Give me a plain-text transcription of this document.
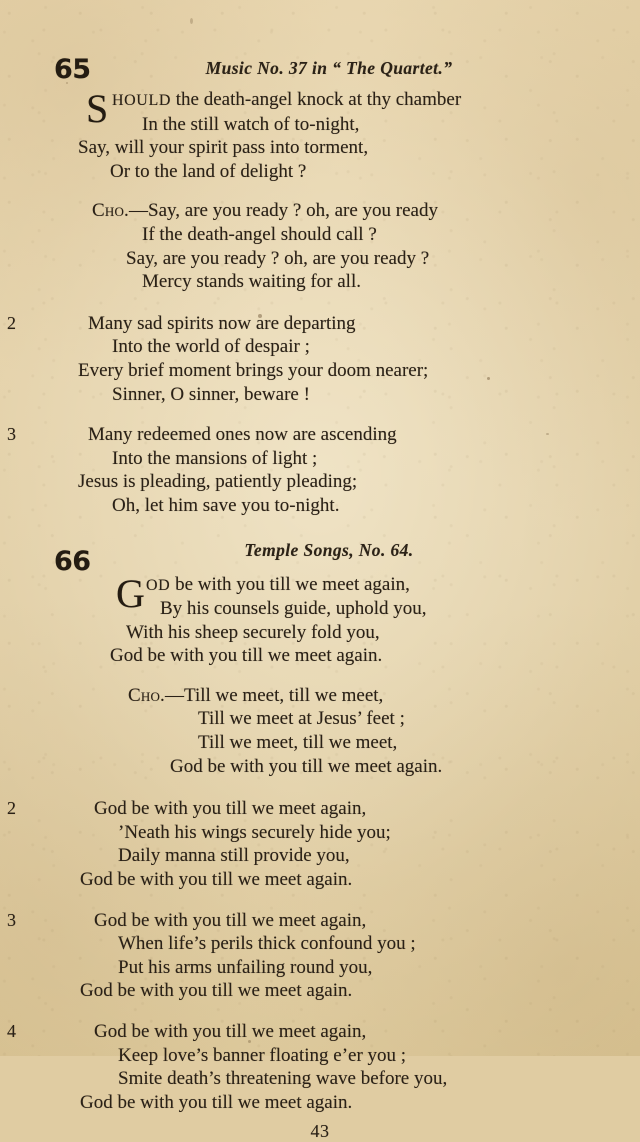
65	Music No. 37 in “ The Quartet.”
S HOULD the death-angel knock at thy chamber
In the still watch of to-night,
Say, will your spirit pass into torment,
Or to the land of delight ?
Cho.—Say, are you ready ? oh, are you ready
If the death-angel should call ?
Say, are you ready ? oh, are you ready ?
Mercy stands waiting for all.
2	Many sad spirits now are departing
Into the world of despair ;
Every brief moment brings your doom nearer;
Sinner, O sinner, beware !
3	Many redeemed ones now are ascending
Into the mansions of light ;
Jesus is pleading, patiently pleading;
Oh, let him save you to-night.
66	Temple Songs, No. 64.
G OD be with you till we meet again,
By his counsels guide, uphold you,
With his sheep securely fold you,
God be with you till we meet again.
Cho.—Till we meet, till we meet,
Till we meet at Jesus’ feet ;
Till we meet, till we meet,
God be with you till we meet again.
2	God be with you till we meet again,
’Neath his wings securely hide you;
Daily manna still provide you,
God be with you till we meet again.
3	God be with you till we meet again,
When life’s perils thick confound you ;
Put his arms unfailing round you,
God be with you till we meet again.
4	God be with you till we meet again,
Keep love’s banner floating e’er you ;
Smite death’s threatening wave before you,
God be with you till we meet again.
43
